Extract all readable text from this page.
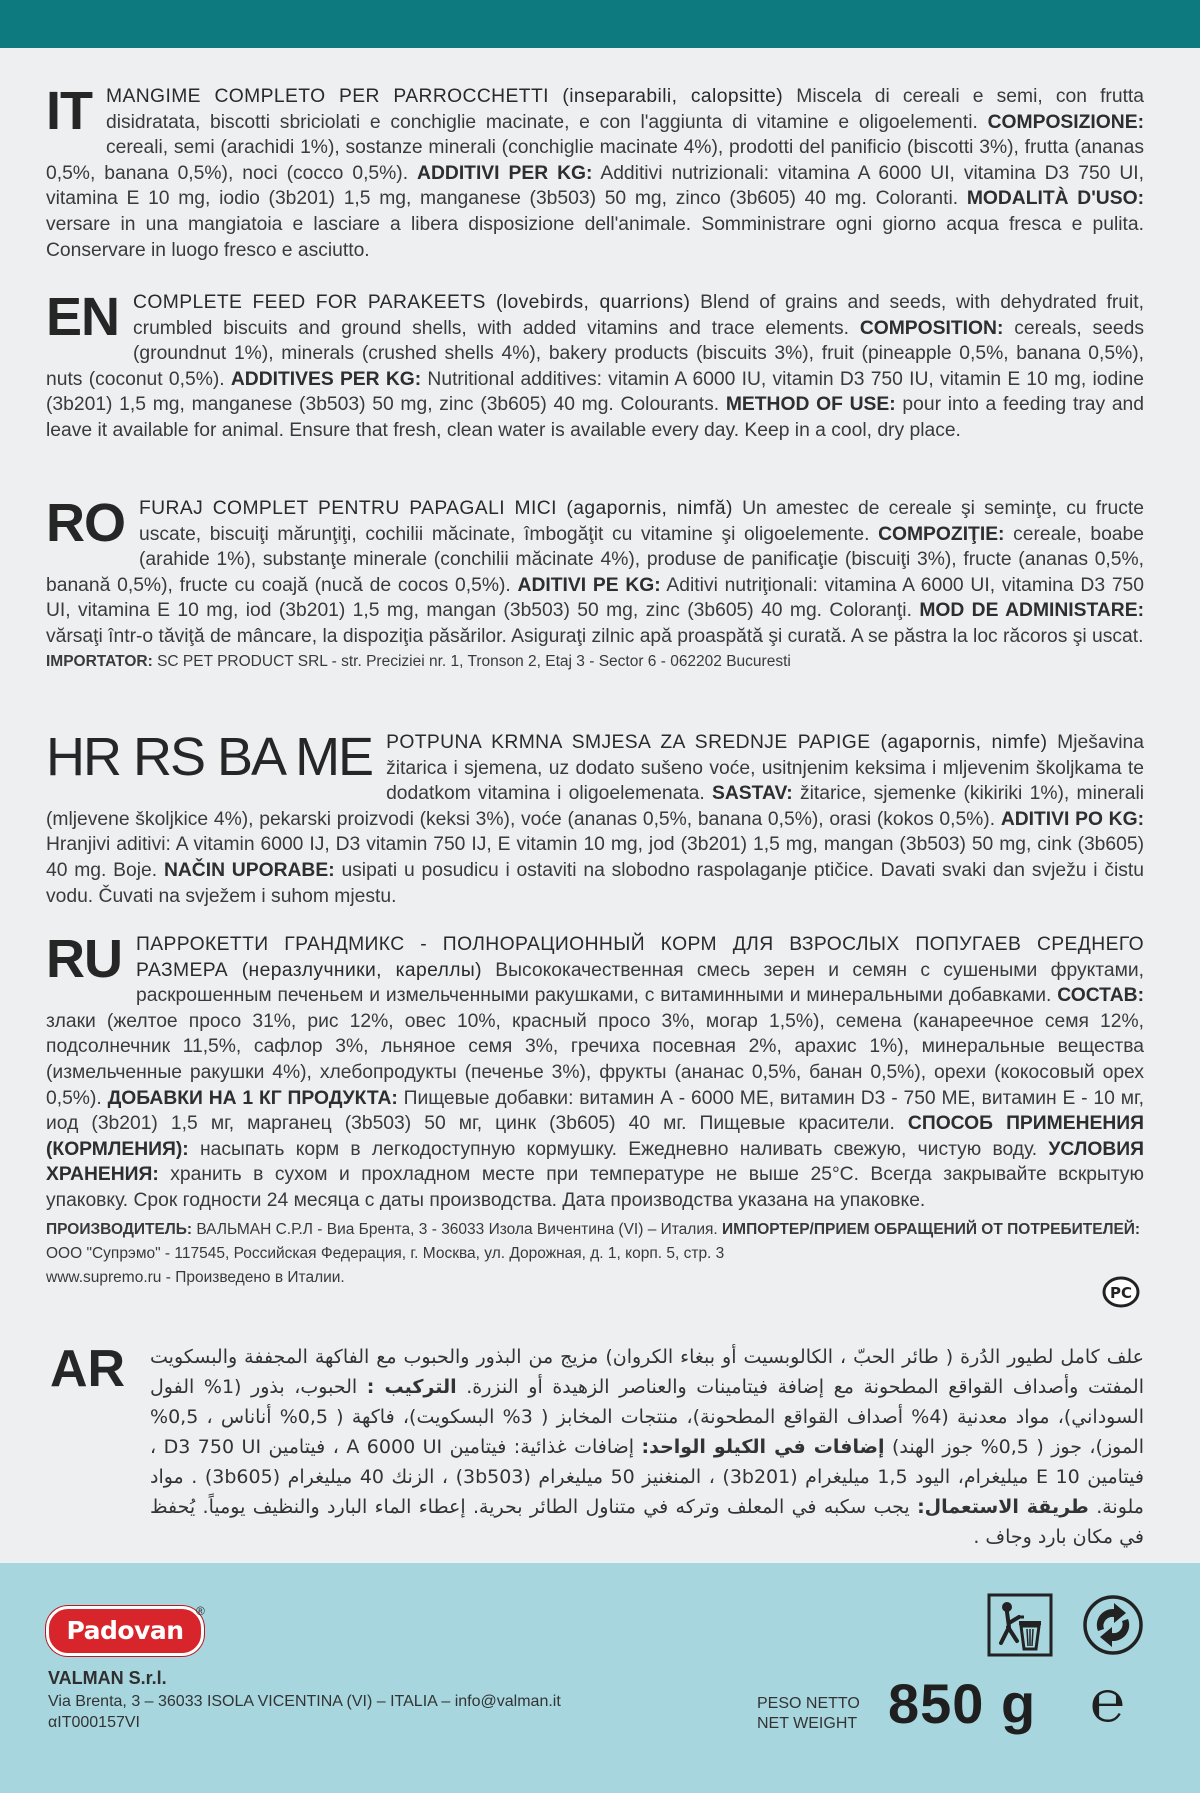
IT MANGIME COMPLETO PER PARROCCHETTI (inseparabili, calopsitte) Miscela di cereali e semi, con frutta disidratata, biscotti sbriciolati e conchiglie macinate, e con l'aggiunta di vitamine e oligoelementi. COMPOSIZIONE: cereali, semi (arachidi 1%), sostanze minerali (conchiglie macinate 4%), prodotti del panificio (biscotti 3%), frutta (ananas 0,5%, banana 0,5%), noci (cocco 0,5%). ADDITIVI PER KG: Additivi nutrizionali: vitamina A 6000 UI, vitamina D3 750 UI, vitamina E 10 mg, iodio (3b201) 1,5 mg, manganese (3b503) 50 mg, zinco (3b605) 40 mg. Coloranti. MODALITÀ D'USO: versare in una mangiatoia e lasciare a libera disposizione dell'animale. Somministrare ogni giorno acqua fresca e pulita. Conservare in luogo fresco e asciutto.

EN COMPLETE FEED FOR PARAKEETS (lovebirds, quarrions) Blend of grains and seeds, with dehydrated fruit, crumbled biscuits and ground shells, with added vitamins and trace elements. COMPOSITION: cereals, seeds (groundnut 1%), minerals (crushed shells 4%), bakery products (biscuits 3%), fruit (pineapple 0,5%, banana 0,5%), nuts (coconut 0,5%). ADDITIVES PER KG: Nutritional additives: vitamin A 6000 IU, vitamin D3 750 IU, vitamin E 10 mg, iodine (3b201) 1,5 mg, manganese (3b503) 50 mg, zinc (3b605) 40 mg. Colourants. METHOD OF USE: pour into a feeding tray and leave it available for animal. Ensure that fresh, clean water is available every day. Keep in a cool, dry place.

RO FURAJ COMPLET PENTRU PAPAGALI MICI (agapornis, nimfă) Un amestec de cereale şi seminţe, cu fructe uscate, biscuiţi mărunţiţi, cochilii măcinate, îmbogăţit cu vitamine şi oligoelemente. COMPOZIŢIE: cereale, boabe (arahide 1%), substanţe minerale (conchilii măcinate 4%), produse de panificaţie (biscuiţi 3%), fructe (ananas 0,5%, banană 0,5%), fructe cu coajă (nucă de cocos 0,5%). ADITIVI PE KG: Aditivi nutriţionali: vitamina A 6000 UI, vitamina D3 750 UI, vitamina E 10 mg, iod (3b201) 1,5 mg, mangan (3b503) 50 mg, zinc (3b605) 40 mg. Coloranţi. MOD DE ADMINISTARE: vărsaţi într-o tăviţă de mâncare, la dispoziţia păsărilor. Asiguraţi zilnic apă proaspătă şi curată. A se păstra la loc răcoros şi uscat.

IMPORTATOR: SC PET PRODUCT SRL - str. Preciziei nr. 1, Tronson 2, Etaj 3 - Sector 6 - 062202 Bucuresti

HR RS BA ME POTPUNA KRMNA SMJESA ZA SREDNJE PAPIGE (agapornis, nimfe) Mješavina žitarica i sjemena, uz dodato sušeno voće, usitnjenim keksima i mljevenim školjkama te dodatkom vitamina i oligoelemenata. SASTAV: žitarice, sjemenke (kikiriki 1%), minerali (mljevene školjkice 4%), pekarski proizvodi (keksi 3%), voće (ananas 0,5%, banana 0,5%), orasi (kokos 0,5%). ADITIVI PO KG: Hranjivi aditivi: A vitamin 6000 IJ, D3 vitamin 750 IJ, E vitamin 10 mg, jod (3b201) 1,5 mg, mangan (3b503) 50 mg, cink (3b605) 40 mg. Boje. NAČIN UPORABE: usipati u posudicu i ostaviti na slobodno raspolaganje ptičice. Davati svaki dan svježu i čistu vodu. Čuvati na svježem i suhom mjestu.

RU ПАРРОКЕТТИ ГРАНДМИКС - ПОЛНОРАЦИОННЫЙ КОРМ ДЛЯ ВЗРОСЛЫХ ПОПУГАЕВ СРЕДНЕГО РАЗМЕРА (неразлучники, кареллы) Высококачественная смесь зерен и семян с сушеными фруктами, раскрошенным печеньем и измельченными ракушками, с витаминными и минеральными добавками. СОСТАВ: злаки (желтое просо 31%, рис 12%, овес 10%, красный просо 3%, могар 1,5%), семена (канареечное семя 12%, подсолнечник 11,5%, сафлор 3%, льняное семя 3%, гречиха посевная 2%, арахис 1%), минеральные вещества (измельченные ракушки 4%), хлебопродукты (печенье 3%), фрукты (ананас 0,5%, банан 0,5%), орехи (кокосовый орех 0,5%). ДОБАВКИ НА 1 КГ ПРОДУКТА: Пищевые добавки: витамин А - 6000 МЕ, витамин D3 - 750 МЕ, витамин Е - 10 мг, иод (3b201) 1,5 мг, марганец (3b503) 50 мг, цинк (3b605) 40 мг. Пищевые красители. СПОСОБ ПРИМЕНЕНИЯ (КОРМЛЕНИЯ): насыпать корм в легкодоступную кормушку. Ежедневно наливать свежую, чистую воду. УСЛОВИЯ ХРАНЕНИЯ: хранить в сухом и прохладном месте при температуре не выше 25°C. Всегда закрывайте вскрытую упаковку. Срок годности 24 месяца с даты производства. Дата производства указана на упаковке.

ПРОИЗВОДИТЕЛЬ: ВАЛЬМАН С.Р.Л - Виа Брента, 3 - 36033 Изола Вичентина (VI) – Италия. ИМПОРТЕР/ПРИЕМ ОБРАЩЕНИЙ ОТ ПОТРЕБИТЕЛЕЙ: ООО "Супрэмо" - 117545, Российская Федерация, г. Москва, ул. Дорожная, д. 1, корп. 5, стр. 3

www.supremo.ru - Произведено в Италии.

PC
AR علف كامل لطيور الدُرة ( طائر الحبّ ، الكالوبسيت أو ببغاء الكروان) مزيج من البذور والحبوب مع الفاكهة المجففة والبسكويت المفتت وأصداف القواقع المطحونة مع إضافة فيتامينات والعناصر الزهيدة أو النزرة. التركيب : الحبوب، بذور (1% الفول السوداني)، مواد معدنية (4% أصداف القواقع المطحونة)، منتجات المخابز ( 3% البسكويت)، فاكهة ( 0,5% أناناس ، 0,5% الموز)، جوز ( 0,5% جوز الهند) إضافات في الكيلو الواحد: إضافات غذائية: فيتامين A 6000 UI ، فيتامين D3 750 UI ، فيتامين E 10 ميليغرام، اليود 1,5 ميليغرام (3b201) ، المنغنيز 50 ميليغرام (3b503) ، الزنك 40 ميليغرام (3b605) . مواد ملونة. طريقة الاستعمال: يجب سكبه في المعلف وتركه في متناول الطائر بحرية. إعطاء الماء البارد والنظيف يومياً. يُحفظ في مكان بارد وجاف .

Padovan
®
VALMAN S.r.l.
Via Brenta, 3 – 36033 ISOLA VICENTINA (VI) – ITALIA – info@valman.it
αIT000157VI
PESO NETTO
NET WEIGHT 850 g ℮
